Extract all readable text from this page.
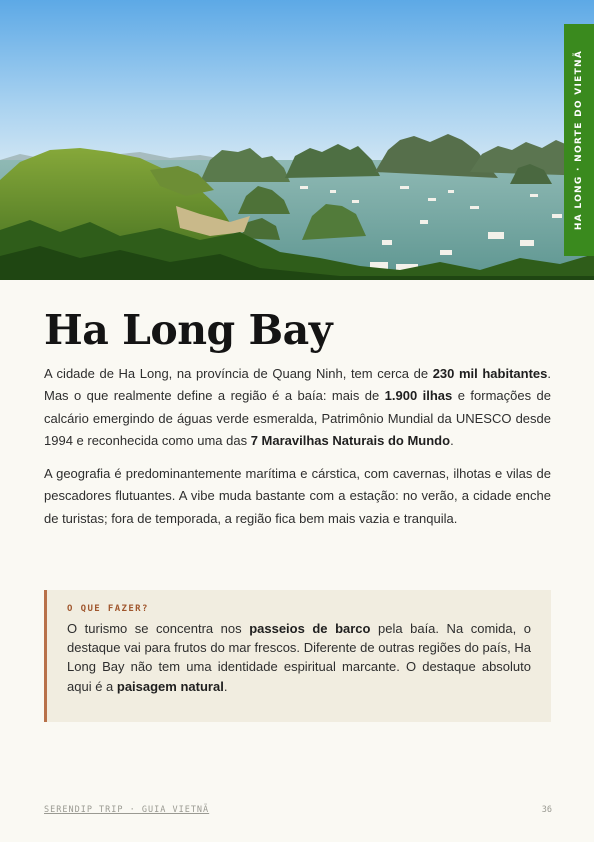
HA LONG · NORTE DO VIETNÃ
Ha Long Bay

A cidade de Ha Long, na província de Quang Ninh, tem cerca de 230 mil habitantes. Mas o que realmente define a região é a baía: mais de 1.900 ilhas e formações de calcário emergindo de águas verde esmeralda, Patrimônio Mundial da UNESCO desde 1994 e reconhecida como uma das 7 Maravilhas Naturais do Mundo.

A geografia é predominantemente marítima e cárstica, com cavernas, ilhotas e vilas de pescadores flutuantes. A vibe muda bastante com a estação: no verão, a cidade enche de turistas; fora de temporada, a região fica bem mais vazia e tranquila.

O QUE FAZER?

O turismo se concentra nos passeios de barco pela baía. Na comida, o destaque vai para frutos do mar frescos. Diferente de outras regiões do país, Ha Long Bay não tem uma identidade espiritual marcante. O destaque absoluto aqui é a paisagem natural.

SERENDIP TRIP · GUIA VIETNÃ	36
